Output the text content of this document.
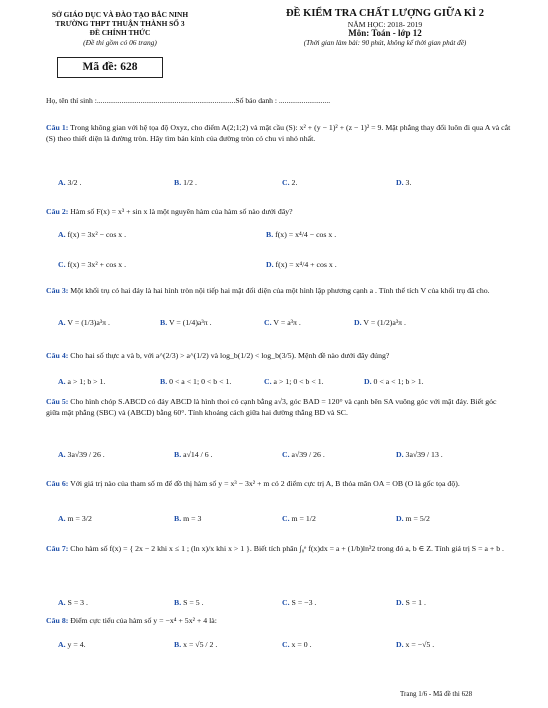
SỞ GIÁO DỤC VÀ ĐÀO TẠO BẮC NINH
TRƯỜNG THPT THUẬN THÀNH SỐ 3
ĐỀ CHÍNH THỨC
(Đề thi gồm có 06 trang)
Mã đề: 628
ĐỀ KIỂM TRA CHẤT LƯỢNG GIỮA KÌ 2
NĂM HỌC: 2018- 2019
Môn: Toán - lớp 12
(Thời gian làm bài: 90 phút, không kể thời gian phát đề)
Họ, tên thí sinh :.........................................................................Số báo danh : ...........................
Câu 1: Trong không gian với hệ tọa độ Oxyz, cho điểm A(2;1;2) và mặt cầu (S): x² + (y − 1)² + (z − 1)² = 9. Mặt phẳng thay đổi luôn đi qua A và cắt (S) theo thiết diện là đường tròn. Hãy tìm bán kính của đường tròn có chu vi nhỏ nhất.
A. 3/2 .	B. 1/2 .	C. 2.	D. 3.
Câu 2: Hàm số F(x) = x³ + sin x là một nguyên hàm của hàm số nào dưới đây?
A. f(x) = 3x² − cos x .	B. f(x) = x⁴/4 − cos x .
C. f(x) = 3x² + cos x .	D. f(x) = x⁴/4 + cos x .
Câu 3: Một khối trụ có hai đáy là hai hình tròn nội tiếp hai mặt đối diện của một hình lập phương cạnh a . Tính thể tích V của khối trụ đã cho.
A. V = (1/3)a³π .	B. V = (1/4)a³π .	C. V = a³π .	D. V = (1/2)a³π .
Câu 4: Cho hai số thực a và b, với a^(2/3) > a^(1/2) và log_b(1/2) < log_b(3/5). Mệnh đề nào dưới đây đúng?
A. a > 1; b > 1.	B. 0 < a < 1; 0 < b < 1.	C. a > 1; 0 < b < 1.	D. 0 < a < 1; b > 1.
Câu 5: Cho hình chóp S.ABCD có đáy ABCD là hình thoi có cạnh bằng a√3, góc BAD = 120° và cạnh bên SA vuông góc với mặt đáy. Biết góc giữa mặt phẳng (SBC) và (ABCD) bằng 60°. Tính khoảng cách giữa hai đường thẳng BD và SC.
A. 3a√39 / 26 .	B. a√14 / 6 .	C. a√39 / 26 .	D. 3a√39 / 13 .
Câu 6: Với giá trị nào của tham số m để đồ thị hàm số y = x³ − 3x² + m có 2 điểm cực trị A, B thỏa mãn OA = OB (O là gốc tọa độ).
A. m = 3/2	B. m = 3	C. m = 1/2	D. m = 5/2
Câu 7: Cho hàm số f(x) = { 2x − 2 khi x ≤ 1 ; (ln x)/x khi x > 1 }. Biết tích phân ∫₀ᵉ f(x)dx = a + (1/b)ln²2 trong đó a, b ∈ Z. Tính giá trị S = a + b .
A. S = 3 .	B. S = 5 .	C. S = −3 .	D. S = 1 .
Câu 8: Điểm cực tiểu của hàm số y = −x⁴ + 5x² + 4 là:
A. y = 4.	B. x = √5 / 2 .	C. x = 0 .	D. x = −√5 .
Trang 1/6 - Mã đề thi 628
